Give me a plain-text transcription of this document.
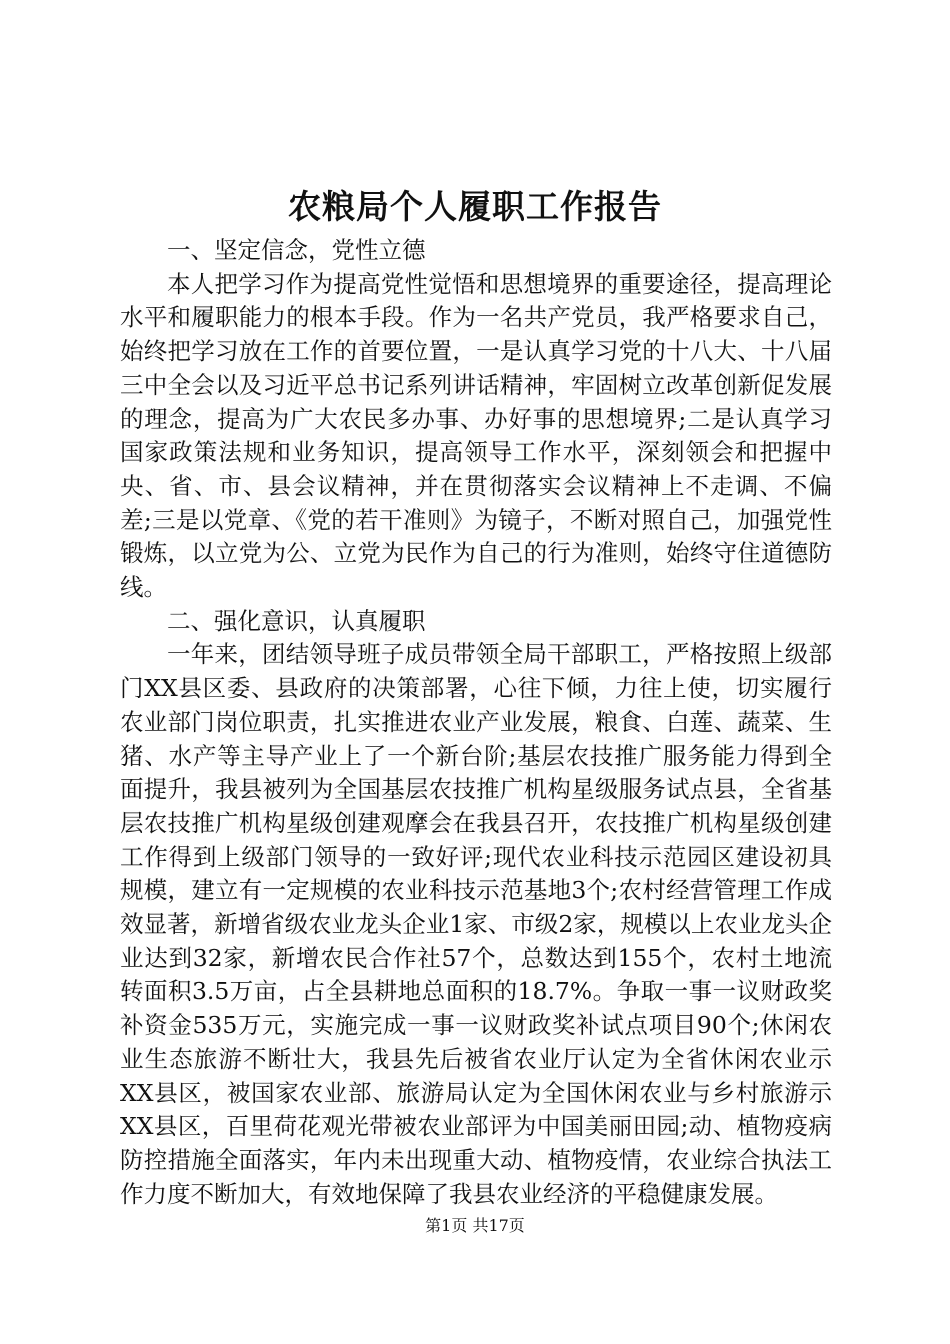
农粮局个人履职工作报告

一、坚定信念，党性立德

本人把学习作为提高党性觉悟和思想境界的重要途径，提高理论水平和履职能力的根本手段。作为一名共产党员，我严格要求自己，始终把学习放在工作的首要位置，一是认真学习党的十八大、十八届三中全会以及习近平总书记系列讲话精神，牢固树立改革创新促发展的理念，提高为广大农民多办事、办好事的思想境界;二是认真学习国家政策法规和业务知识，提高领导工作水平，深刻领会和把握中央、省、市、县会议精神，并在贯彻落实会议精神上不走调、不偏差;三是以党章、《党的若干准则》为镜子，不断对照自己，加强党性锻炼，以立党为公、立党为民作为自己的行为准则，始终守住道德防线。

二、强化意识，认真履职

一年来，团结领导班子成员带领全局干部职工，严格按照上级部门XX县区委、县政府的决策部署，心往下倾，力往上使，切实履行农业部门岗位职责，扎实推进农业产业发展，粮食、白莲、蔬菜、生猪、水产等主导产业上了一个新台阶;基层农技推广服务能力得到全面提升，我县被列为全国基层农技推广机构星级服务试点县，全省基层农技推广机构星级创建观摩会在我县召开，农技推广机构星级创建工作得到上级部门领导的一致好评;现代农业科技示范园区建设初具规模，建立有一定规模的农业科技示范基地3个;农村经营管理工作成效显著，新增省级农业龙头企业1家、市级2家，规模以上农业龙头企业达到32家，新增农民合作社57个，总数达到155个，农村土地流转面积3.5万亩，占全县耕地总面积的18.7%。争取一事一议财政奖补资金535万元，实施完成一事一议财政奖补试点项目90个;休闲农业生态旅游不断壮大，我县先后被省农业厅认定为全省休闲农业示XX县区，被国家农业部、旅游局认定为全国休闲农业与乡村旅游示XX县区，百里荷花观光带被农业部评为中国美丽田园;动、植物疫病防控措施全面落实，年内未出现重大动、植物疫情，农业综合执法工作力度不断加大，有效地保障了我县农业经济的平稳健康发展。

第1页 共17页
